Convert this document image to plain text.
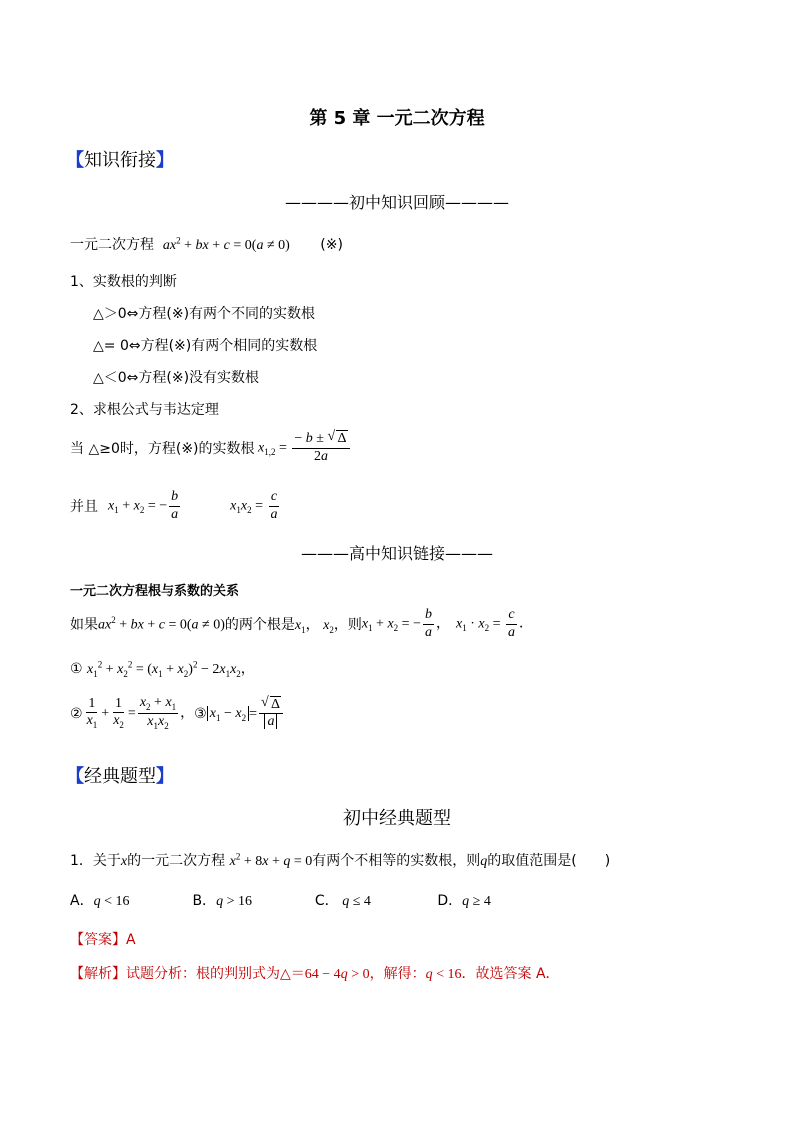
第 5 章 一元二次方程
【知识衔接】
————初中知识回顾————
一元二次方程 $ax^2$ + bx + c = 0(a ≠ 0) (※)
1、实数根的判断
△＞0⇔方程(※)有两个不同的实数根
△= 0⇔方程(※)有两个相同的实数根
△＜0⇔方程(※)没有实数根
2、求根公式与韦达定理
当 △≥0时，方程(※)的实数根 $x_{1,2} = \frac{- b \pm √ \Delta}{2a}$
并且 $x_1 + x_2$ = − $\frac{b}{a}$	$x_1x_2 = \frac{c}{a}$
———高中知识链接———
一元二次方程根与系数的关系
如果 $ax^2$ + bx + c = 0(a ≠ 0) 的两个根是 $x_1$， $x_2$ ，则 $x_1 + x_2$ = − $\frac{b}{a}$ ， $x_1 \cdot x_2 = \frac{c}{a}$ ．
① $x_1^2 + x_2^2 = (x_1 + x_2)^2 - 2x_1x_2$，
② $\frac{1}{x_1} + \frac{1}{x_2} = \frac{x_2 + x_1}{x_1x_2}$ ， ③ $x_1 - x_2$ =
√ $\frac{\Delta}{a}$
【经典题型】
初中经典题型
1．关于x的一元二次方程 $x^2 + 8x + q = 0$有两个不相等的实数根，则q的取值范围是(　　)
A．q < 16	B．q > 16	C． q ≤ 4	D．q ≥ 4
【答案】A
【解析】试题分析：根的判别式为△＝64 − 4q > 0，解得：q < 16．故选答案 A．
